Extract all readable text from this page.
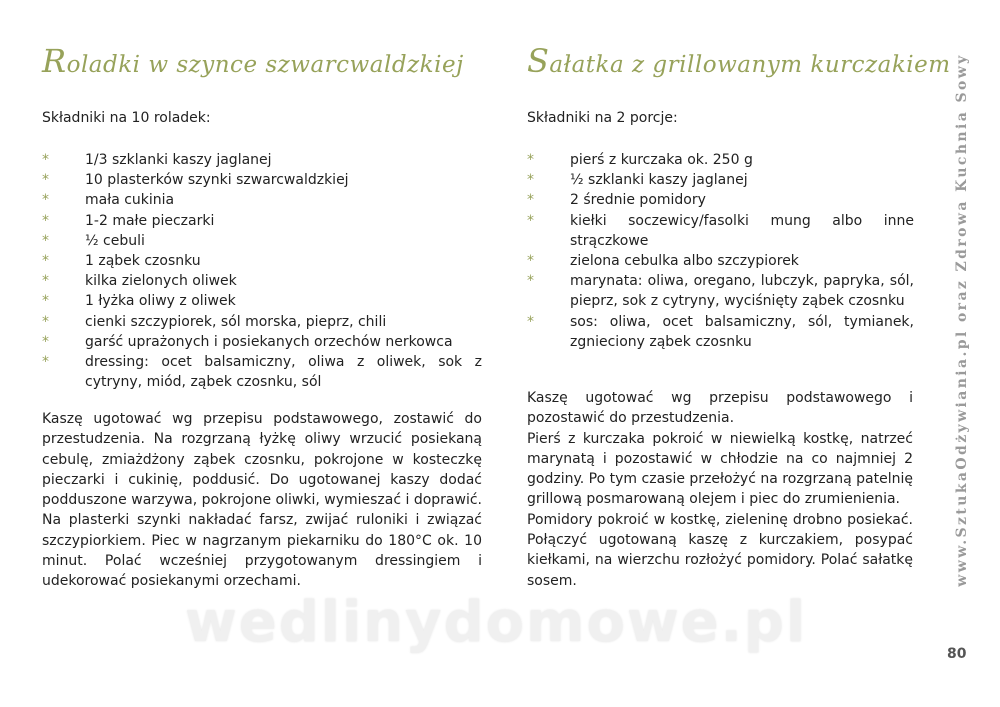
Roladki w szynce szwarcwaldzkiej

Składniki na 10 roladek:

*	1/3 szklanki kaszy jaglanej
*	10 plasterków szynki szwarcwaldzkiej
*	mała cukinia
*	1-2 małe pieczarki
*	½ cebuli
*	1 ząbek czosnku
*	kilka zielonych oliwek
*	1 łyżka oliwy z oliwek
*	cienki szczypiorek, sól morska, pieprz, chili
*	garść uprażonych i posiekanych orzechów nerkowca
*	dressing: ocet balsamiczny, oliwa z oliwek, sok z cytryny, miód, ząbek czosnku, sól

Kaszę ugotować wg przepisu podstawowego, zostawić do przestudzenia. Na rozgrzaną łyżkę oliwy wrzucić posiekaną cebulę, zmiażdżony ząbek czosnku, pokrojone w kosteczkę pieczarki i cukinię, poddusić. Do ugotowanej kaszy dodać podduszone warzywa, pokrojone oliwki, wymieszać i doprawić. Na plasterki szynki nakładać farsz, zwijać ruloniki i związać szczypiorkiem. Piec w nagrzanym piekarniku do 180°C ok. 10 minut. Polać wcześniej przygotowanym dressingiem i udekorować posiekanymi orzechami.

Sałatka z grillowanym kurczakiem

Składniki na 2 porcje:

*	pierś z kurczaka ok. 250 g
*	½ szklanki kaszy jaglanej
*	2 średnie pomidory
*	kiełki soczewicy/fasolki mung albo inne strączkowe
*	zielona cebulka albo szczypiorek
*	marynata: oliwa, oregano, lubczyk, papryka, sól, pieprz, sok z cytryny, wyciśnięty ząbek czosnku
*	sos: oliwa, ocet balsamiczny, sól, tymianek, zgnieciony ząbek czosnku

Kaszę ugotować wg przepisu podstawowego i pozostawić do przestudzenia.
Pierś z kurczaka pokroić w niewielką kostkę, natrzeć marynatą i pozostawić w chłodzie na co najmniej 2 godziny. Po tym czasie przełożyć na rozgrzaną patelnię grillową posmarowaną olejem i piec do zrumienienia.
Pomidory pokroić w kostkę, zieleninę drobno posiekać. Połączyć ugotowaną kaszę z kurczakiem, posypać kiełkami, na wierzchu rozłożyć pomidory. Polać sałatkę sosem.	www.SztukaOdżywiania.pl oraz Zdrowa Kuchnia Sowy
80
wedlinydomowe.pl
